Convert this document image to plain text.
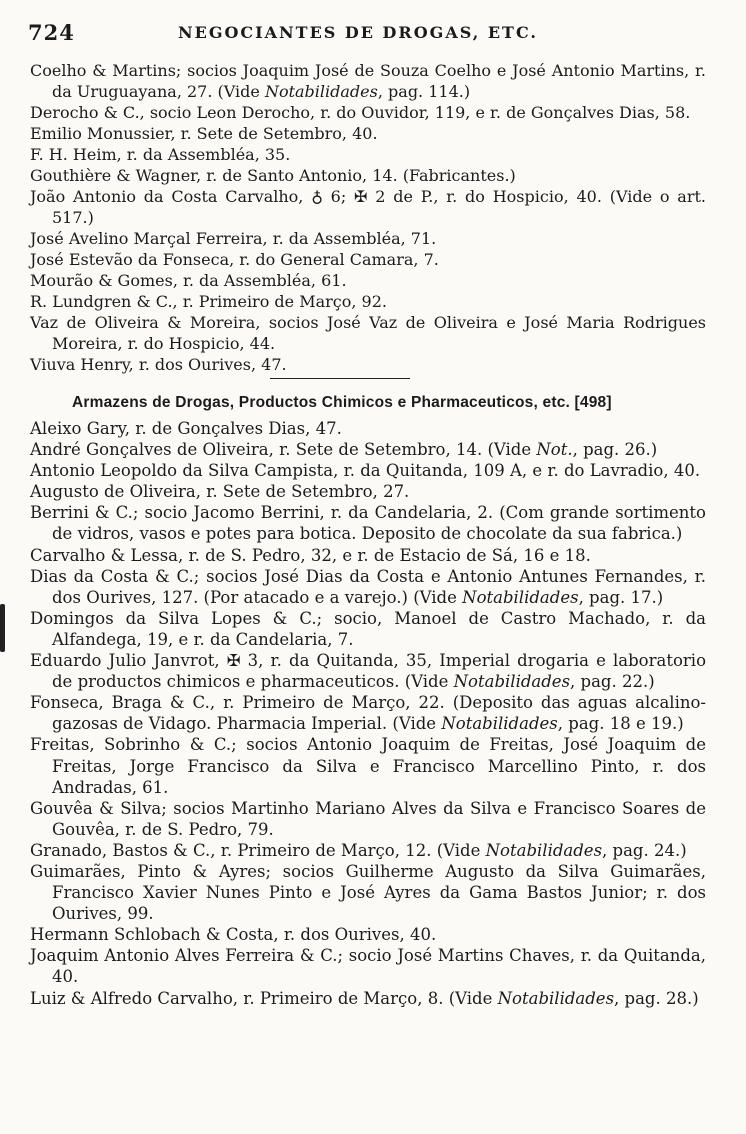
724	NEGOCIANTES DE DROGAS, ETC.

Coelho & Martins; socios Joaquim José de Souza Coelho e José Antonio Martins, r. da Uruguayana, 27. (Vide Notabilidades, pag. 114.)

Derocho & C., socio Leon Derocho, r. do Ouvidor, 119, e r. de Gonçalves Dias, 58.

Emilio Monussier, r. Sete de Setembro, 40.

F. H. Heim, r. da Assembléa, 35.

Gouthière & Wagner, r. de Santo Antonio, 14. (Fabricantes.)

João Antonio da Costa Carvalho, ♁ 6; ✠ 2 de P., r. do Hospicio, 40. (Vide o art. 517.)

José Avelino Marçal Ferreira, r. da Assembléa, 71.

José Estevão da Fonseca, r. do General Camara, 7.

Mourão & Gomes, r. da Assembléa, 61.

R. Lundgren & C., r. Primeiro de Março, 92.

Vaz de Oliveira & Moreira, socios José Vaz de Oliveira e José Maria Rodrigues Moreira, r. do Hospicio, 44.

Viuva Henry, r. dos Ourives, 47.

Armazens de Drogas, Productos Chimicos e Pharmaceuticos, etc. [498]

Aleixo Gary, r. de Gonçalves Dias, 47.

André Gonçalves de Oliveira, r. Sete de Setembro, 14. (Vide Not., pag. 26.)

Antonio Leopoldo da Silva Campista, r. da Quitanda, 109 A, e r. do Lavradio, 40.

Augusto de Oliveira, r. Sete de Setembro, 27.

Berrini & C.; socio Jacomo Berrini, r. da Candelaria, 2. (Com grande sortimento de vidros, vasos e potes para botica. Deposito de chocolate da sua fabrica.)

Carvalho & Lessa, r. de S. Pedro, 32, e r. de Estacio de Sá, 16 e 18.

Dias da Costa & C.; socios José Dias da Costa e Antonio Antunes Fernandes, r. dos Ourives, 127. (Por atacado e a varejo.) (Vide Notabilidades, pag. 17.)

Domingos da Silva Lopes & C.; socio, Manoel de Castro Machado, r. da Alfandega, 19, e r. da Candelaria, 7.

Eduardo Julio Janvrot, ✠ 3, r. da Quitanda, 35, Imperial drogaria e laboratorio de productos chimicos e pharmaceuticos. (Vide Notabilidades, pag. 22.)

Fonseca, Braga & C., r. Primeiro de Março, 22. (Deposito das aguas alcalino-gazosas de Vidago. Pharmacia Imperial. (Vide Notabilidades, pag. 18 e 19.)

Freitas, Sobrinho & C.; socios Antonio Joaquim de Freitas, José Joaquim de Freitas, Jorge Francisco da Silva e Francisco Marcellino Pinto, r. dos Andradas, 61.

Gouvêa & Silva; socios Martinho Mariano Alves da Silva e Francisco Soares de Gouvêa, r. de S. Pedro, 79.

Granado, Bastos & C., r. Primeiro de Março, 12. (Vide Notabilidades, pag. 24.)

Guimarães, Pinto & Ayres; socios Guilherme Augusto da Silva Guimarães, Francisco Xavier Nunes Pinto e José Ayres da Gama Bastos Junior; r. dos Ourives, 99.

Hermann Schlobach & Costa, r. dos Ourives, 40.

Joaquim Antonio Alves Ferreira & C.; socio José Martins Chaves, r. da Quitanda, 40.

Luiz & Alfredo Carvalho, r. Primeiro de Março, 8. (Vide Notabilidades, pag. 28.)
